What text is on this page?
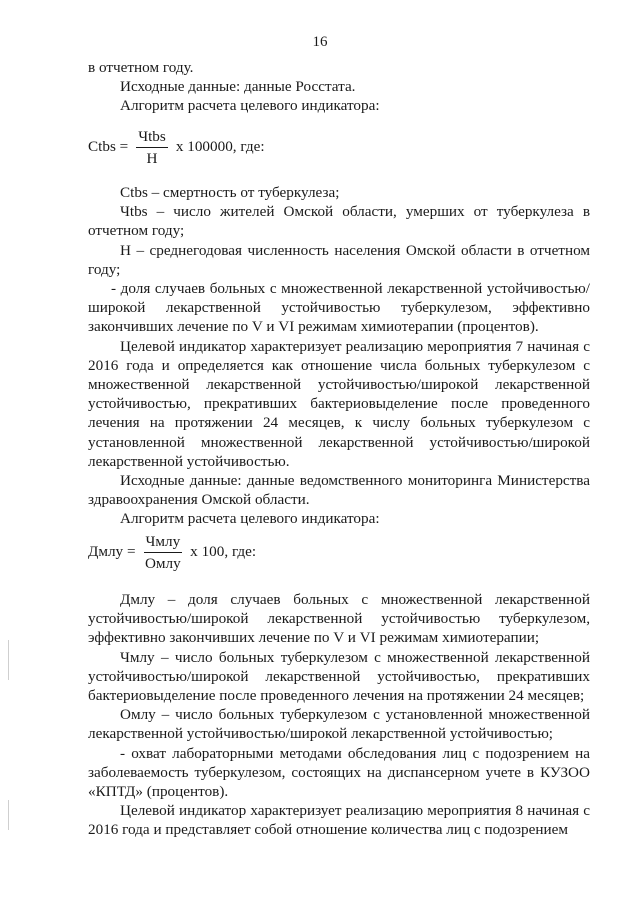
16

в отчетном году.

Исходные данные: данные Росстата.

Алгоритм расчета целевого индикатора:

Ctbs = $\frac{\text{Чtbs}}{Н}$ x 100000, где:

Ctbs – смертность от туберкулеза;

Чtbs – число жителей Омской области, умерших от туберкулеза в отчетном году;

Н – среднегодовая численность населения Омской области в отчетном году;

- доля случаев больных с множественной лекарственной устойчивостью/широкой лекарственной устойчивостью туберкулезом, эффективно закончивших лечение по V и VI режимам химиотерапии (процентов).

Целевой индикатор характеризует реализацию мероприятия 7 начиная с 2016 года и определяется как отношение числа больных туберкулезом с множественной лекарственной устойчивостью/широкой лекарственной устойчивостью, прекративших бактериовыделение после проведенного лечения на протяжении 24 месяцев, к числу больных туберкулезом с установленной множественной лекарственной устойчивостью/широкой лекарственной устойчивостью.

Исходные данные: данные ведомственного мониторинга Министерства здравоохранения Омской области.

Алгоритм расчета целевого индикатора:

Дмлу = $\frac{\text{Чмлу}}{\text{Омлу}}$ x 100, где:

Дмлу – доля случаев больных с множественной лекарственной устойчивостью/широкой лекарственной устойчивостью туберкулезом, эффективно закончивших лечение по V и VI режимам химиотерапии;

Чмлу – число больных туберкулезом с множественной лекарственной устойчивостью/широкой лекарственной устойчивостью, прекративших бактериовыделение после проведенного лечения на протяжении 24 месяцев;

Омлу – число больных туберкулезом с установленной множественной лекарственной устойчивостью/широкой лекарственной устойчивостью;

- охват лабораторными методами обследования лиц с подозрением на заболеваемость туберкулезом, состоящих на диспансерном учете в КУЗОО «КПТД» (процентов).

Целевой индикатор характеризует реализацию мероприятия 8 начиная с 2016 года и представляет собой отношение количества лиц с подозрением
